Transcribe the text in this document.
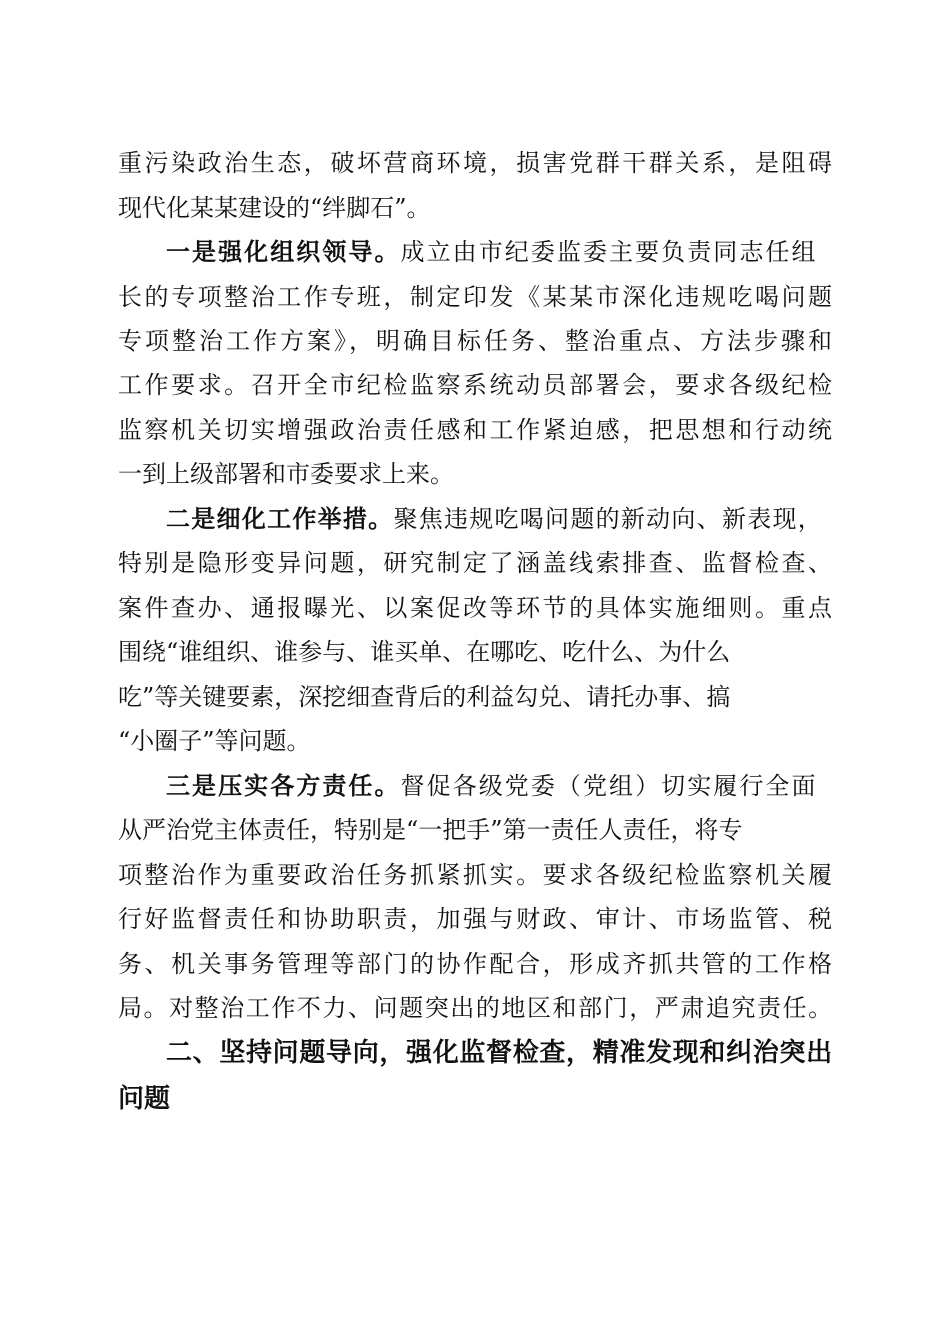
重污染政治生态，破坏营商环境，损害党群干群关系，是阻碍
现代化某某建设的“绊脚石”。
一是强化组织领导。成立由市纪委监委主要负责同志任组
长的专项整治工作专班，制定印发《某某市深化违规吃喝问题
专项整治工作方案》，明确目标任务、整治重点、方法步骤和
工作要求。召开全市纪检监察系统动员部署会，要求各级纪检
监察机关切实增强政治责任感和工作紧迫感，把思想和行动统
一到上级部署和市委要求上来。
二是细化工作举措。聚焦违规吃喝问题的新动向、新表现，
特别是隐形变异问题，研究制定了涵盖线索排查、监督检查、
案件查办、通报曝光、以案促改等环节的具体实施细则。重点
围绕“谁组织、谁参与、谁买单、在哪吃、吃什么、为什么
吃”等关键要素，深挖细查背后的利益勾兑、请托办事、搞
“小圈子”等问题。
三是压实各方责任。督促各级党委（党组）切实履行全面
从严治党主体责任，特别是“一把手”第一责任人责任，将专
项整治作为重要政治任务抓紧抓实。要求各级纪检监察机关履
行好监督责任和协助职责，加强与财政、审计、市场监管、税
务、机关事务管理等部门的协作配合，形成齐抓共管的工作格
局。对整治工作不力、问题突出的地区和部门，严肃追究责任。
二、坚持问题导向，强化监督检查，精准发现和纠治突出
问题
